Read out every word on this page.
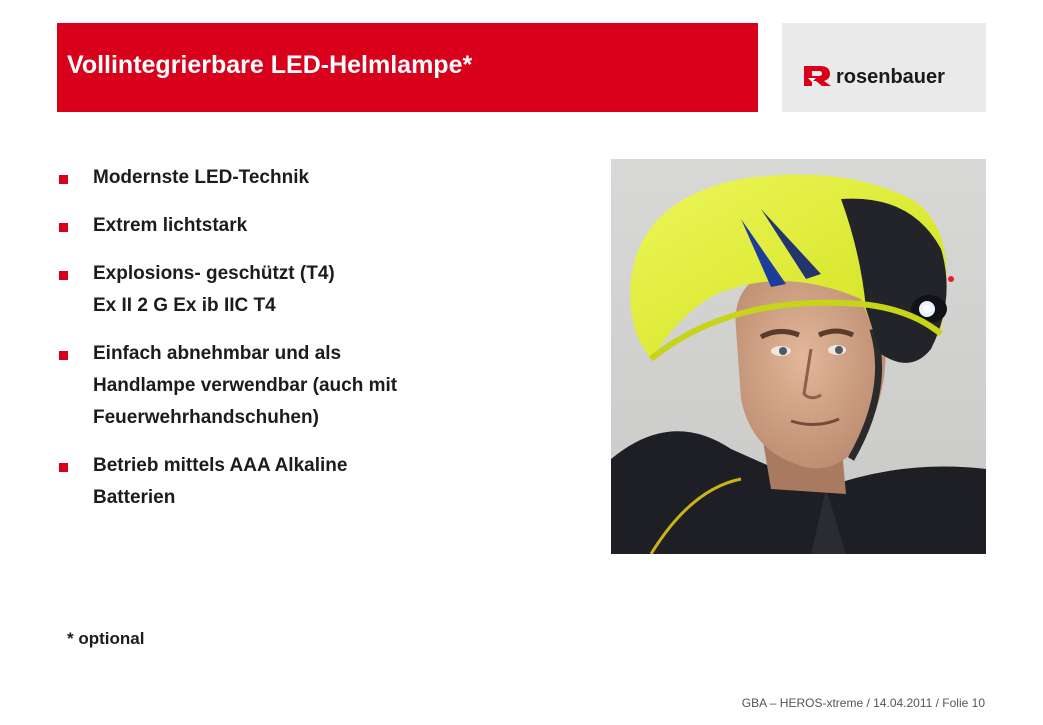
Vollintegrierbare LED-Helmlampe*	rosenbauer
Modernste LED-Technik
Extrem lichtstark
Explosions- geschützt (T4)
Ex II 2 G Ex ib IIC T4
Einfach abnehmbar und als
Handlampe verwendbar (auch mit
Feuerwehrhandschuhen)
Betrieb mittels AAA Alkaline
Batterien
* optional
GBA – HEROS-xtreme / 14.04.2011 / Folie 10
